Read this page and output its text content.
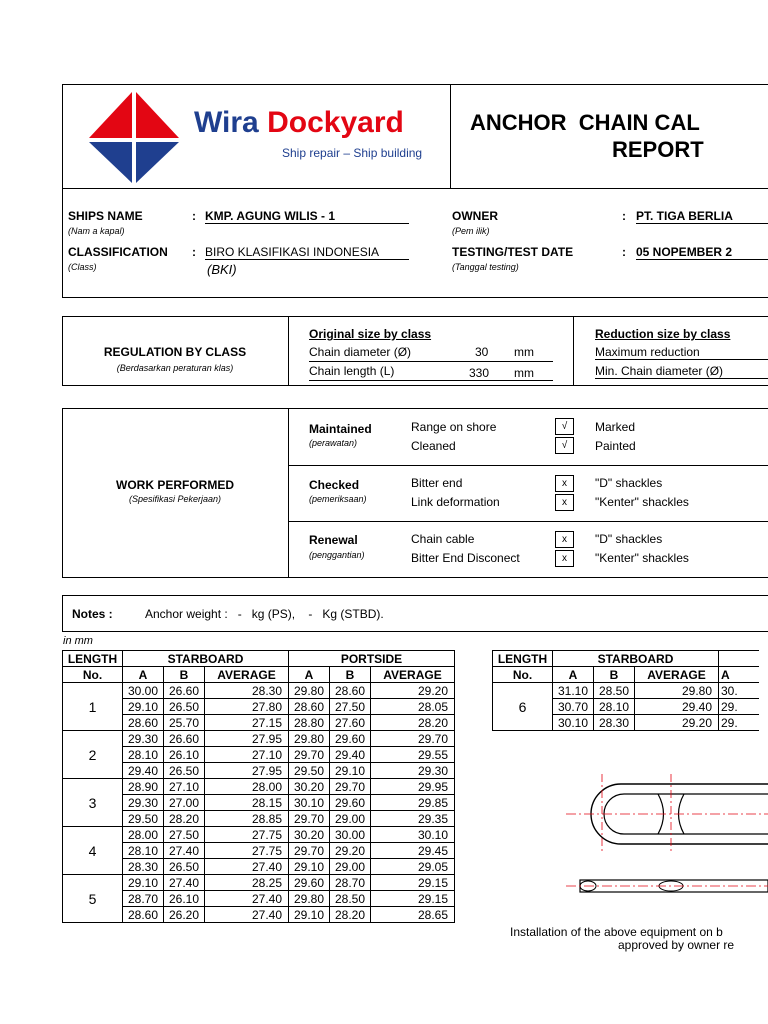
Wira Dockyard
Ship repair – Ship building
ANCHOR  CHAIN CAL
REPORT
SHIPS NAME
(Nam a kapal)
: KMP. AGUNG WILIS - 1
CLASSIFICATION
(Class)
: BIRO KLASIFIKASI INDONESIA
(BKI)
OWNER
(Pem ilik)
: PT. TIGA BERLIA
TESTING/TEST DATE
(Tanggal testing)
: 05 NOPEMBER 2
REGULATION BY CLASS
(Berdasarkan peraturan klas)
Original size by class
Chain diameter (Ø)	30 mm
Chain length (L)	330 mm
Reduction size by class
Maximum reduction
Min. Chain diameter (Ø)
WORK PERFORMED
(Spesifikasi Pekerjaan)
Maintained
(perawatan)
Range on shore	√	Marked
Cleaned	√	Painted
Checked
(pemeriksaan)
Bitter end	x	"D" shackles
Link deformation	x	"Kenter" shackles
Renewal
(penggantian)
Chain cable	x	"D" shackles
Bitter End Disconect	x	"Kenter" shackles
Notes :	Anchor weight :   -   kg (PS),    -   Kg (STBD).
in mm
LENGTH	STARBOARD			PORTSIDE		
No.	A	B	AVERAGE	A	B	AVERAGE
1	30.00	26.60	28.30	29.80	28.60	29.20
	29.10	26.50	27.80	28.60	27.50	28.05
	28.60	25.70	27.15	28.80	27.60	28.20
2	29.30	26.60	27.95	29.80	29.60	29.70
	28.10	26.10	27.10	29.70	29.40	29.55
	29.40	26.50	27.95	29.50	29.10	29.30
3	28.90	27.10	28.00	30.20	29.70	29.95
	29.30	27.00	28.15	30.10	29.60	29.85
	29.50	28.20	28.85	29.70	29.00	29.35
4	28.00	27.50	27.75	30.20	30.00	30.10
	28.10	27.40	27.75	29.70	29.20	29.45
	28.30	26.50	27.40	29.10	29.00	29.05
5	29.10	27.40	28.25	29.60	28.70	29.15
	28.70	26.10	27.40	29.80	28.50	29.15
	28.60	26.20	27.40	29.10	28.20	28.65
LENGTH	STARBOARD			
No.	A	B	AVERAGE	A
6	31.10	28.50	29.80	30.
	30.70	28.10	29.40	29.
	30.10	28.30	29.20	29.
Installation of the above equipment on b
approved by owner re
